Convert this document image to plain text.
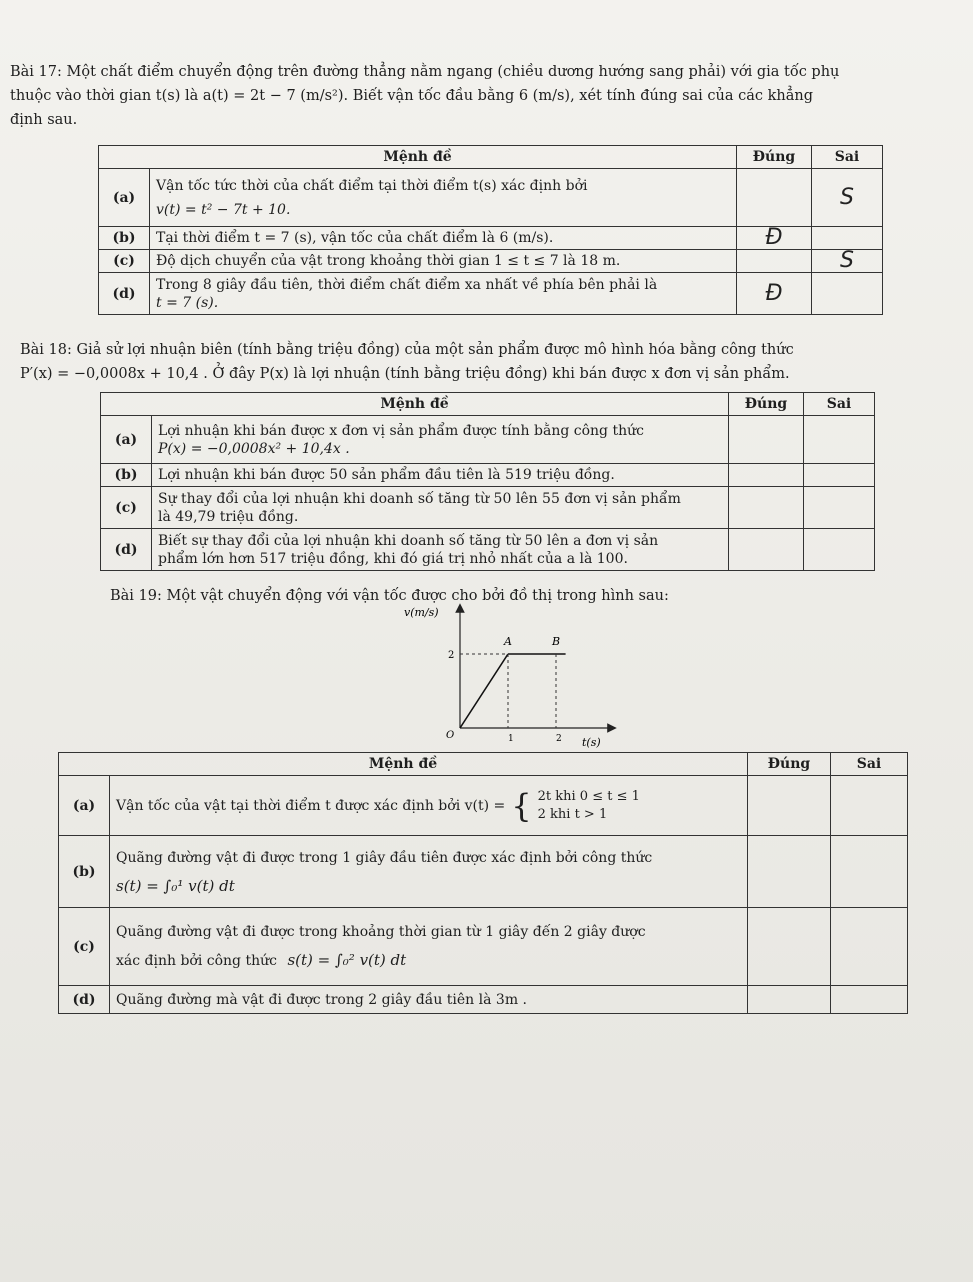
Bài 17: Một chất điểm chuyển động trên đường thẳng nằm ngang (chiều dương hướng sang phải) với gia tốc phụ
thuộc vào thời gian t(s) là a(t) = 2t − 7 (m/s²). Biết vận tốc đầu bằng 6 (m/s), xét tính đúng sai của các khẳng
định sau.
Mệnh đề		Đúng	Sai
(a)	Vận tốc tức thời của chất điểm tại thời điểm t(s) xác định bởi
v(t) = t² − 7t + 10.		S
(b)	Tại thời điểm t = 7 (s), vận tốc của chất điểm là 6 (m/s).	Đ	
(c)	Độ dịch chuyển của vật trong khoảng thời gian 1 ≤ t ≤ 7 là 18 m.		S
(d)	Trong 8 giây đầu tiên, thời điểm chất điểm xa nhất về phía bên phải là
t = 7 (s).	Đ	
Bài 18: Giả sử lợi nhuận biên (tính bằng triệu đồng) của một sản phẩm được mô hình hóa bằng công thức
P′(x) = −0,0008x + 10,4 . Ở đây P(x) là lợi nhuận (tính bằng triệu đồng) khi bán được x đơn vị sản phẩm.
Mệnh đề		Đúng	Sai
(a)	Lợi nhuận khi bán được x đơn vị sản phẩm được tính bằng công thức
P(x) = −0,0008x² + 10,4x .		

(b)	Lợi nhuận khi bán được 50 sản phẩm đầu tiên là 519 triệu đồng.		
(c)	Sự thay đổi của lợi nhuận khi doanh số tăng từ 50 lên 55 đơn vị sản phẩm
là 49,79 triệu đồng.		

(d)	Biết sự thay đổi của lợi nhuận khi doanh số tăng từ 50 lên a đơn vị sản
phẩm lớn hơn 517 triệu đồng, khi đó giá trị nhỏ nhất của a là 100.		

Bài 19: Một vật chuyển động với vận tốc được cho bởi đồ thị trong hình sau:
v(m/s)
t(s)
O
2
1	2
A	B
Mệnh đề		Đúng	Sai
(a)	Vận tốc của vật tại thời điểm t được xác định bởi v(t) = { 2t khi 0 ≤ t ≤ 1
2 khi t > 1		

(b)	Quãng đường vật đi được trong 1 giây đầu tiên được xác định bởi công thức
s(t) = ∫₀¹ v(t) dt		

(c)	Quãng đường vật đi được trong khoảng thời gian từ 1 giây đến 2 giây được
xác định bởi công thức s(t) = ∫₀² v(t) dt		

(d)	Quãng đường mà vật đi được trong 2 giây đầu tiên là 3m .		
